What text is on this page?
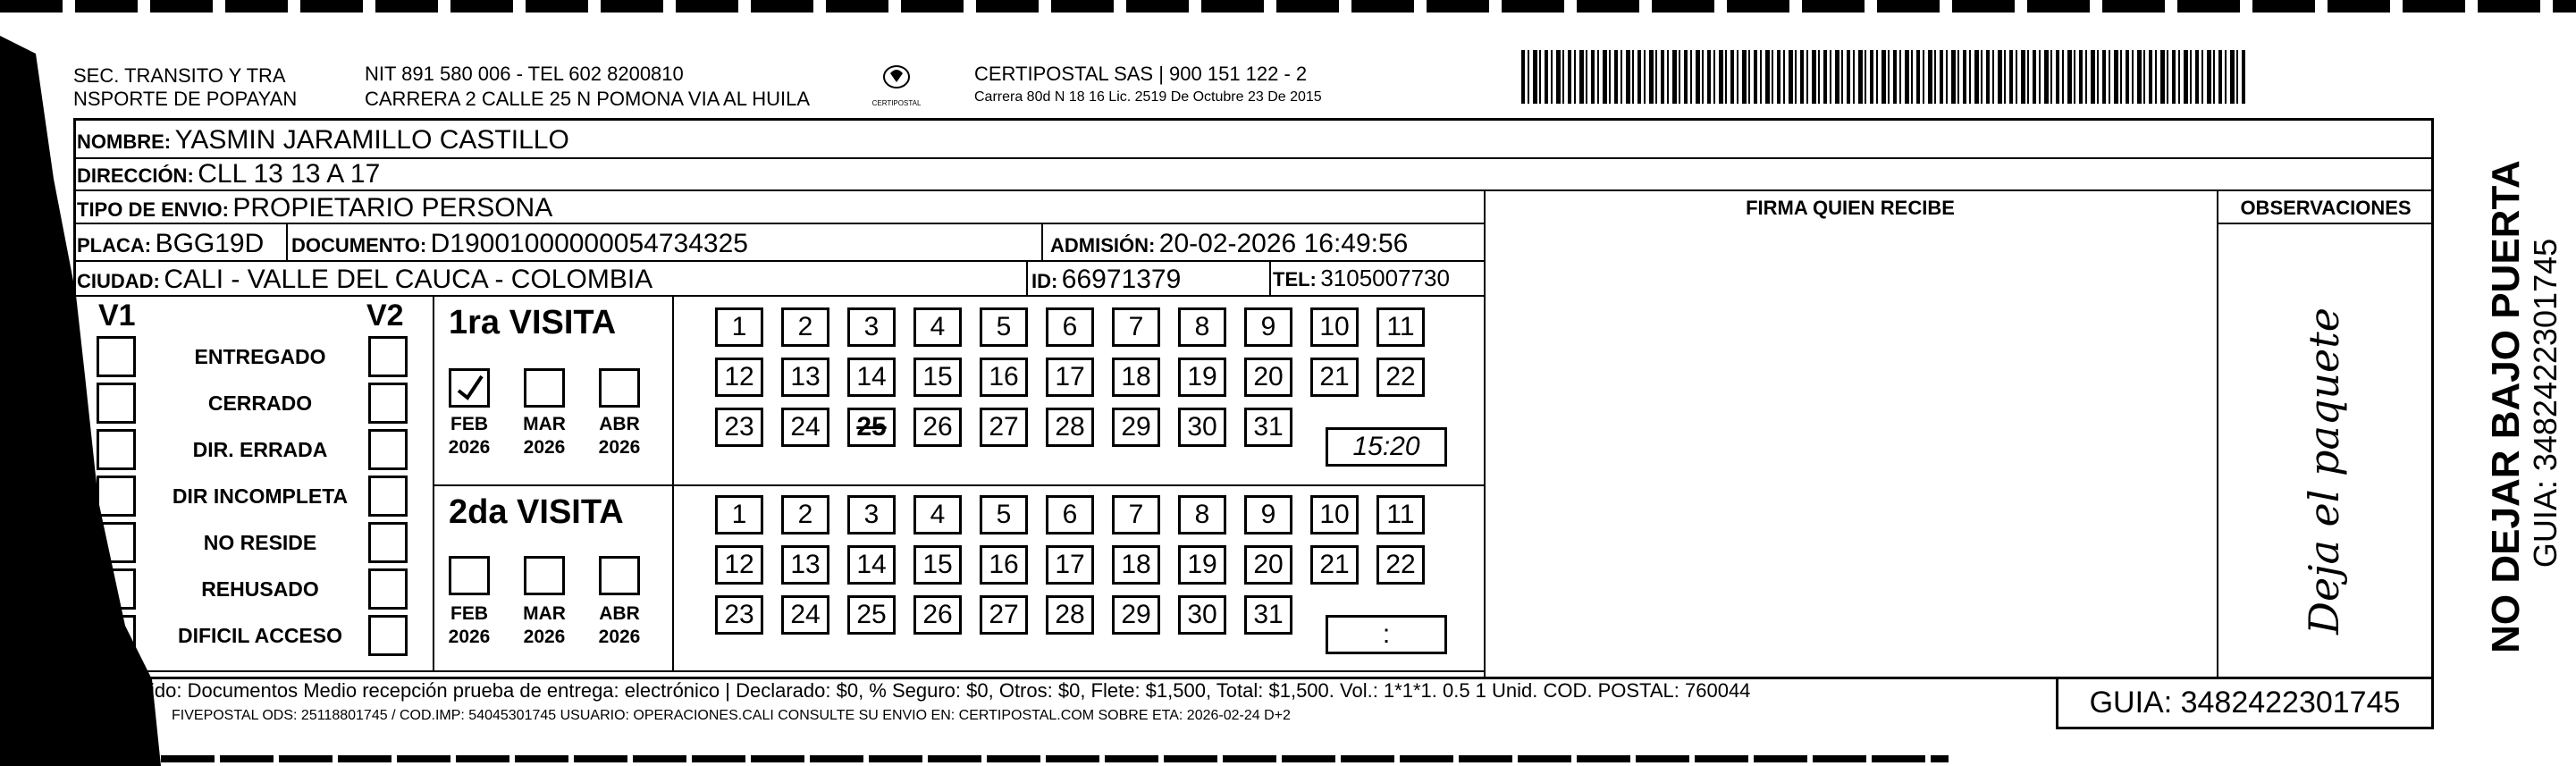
SEC. TRANSITO Y TRA
NSPORTE DE POPAYAN
NIT 891 580 006 - TEL 602 8200810
CARRERA 2 CALLE 25 N POMONA VIA AL HUILA	CERTIPOSTAL
CERTIPOSTAL SAS | 900 151 122 - 2
Carrera 80d N 18 16 Lic. 2519 De Octubre 23 De 2015
NOMBRE: YASMIN JARAMILLO CASTILLO
DIRECCIÓN: CLL 13 13 A 17
TIPO DE ENVIO: PROPIETARIO PERSONA	FIRMA QUIEN RECIBE	OBSERVACIONES
PLACA: BGG19D DOCUMENTO: D19001000000054734325	ADMISIÓN: 20-02-2026 16:49:56
CIUDAD: CALI - VALLE DEL CAUCA - COLOMBIA	ID: 66971379	TEL: 3105007730
V1	V2
ENTREGADO
CERRADO
DIR. ERRADA
DIR INCOMPLETA
NO RESIDE
REHUSADO
DIFICIL ACCESO
1ra VISITA
FEB
2026
MAR
2026
ABR
2026
1	2	3	4	5	6	7	8	9	10	11
12	13	14	15	16	17	18	19	20	21	22
23	24	25	26	27	28	29	30	31
15:20
2da VISITA
FEB
2026
MAR
2026
ABR
2026
1	2	3	4	5	6	7	8	9	10	11
12	13	14	15	16	17	18	19	20	21	22
23	24	25	26	27	28	29	30	31
:	Deja el paquete
ido: Documentos Medio recepción prueba de entrega: electrónico | Declarado: $0, % Seguro: $0, Otros: $0, Flete: $1,500, Total: $1,500. Vol.: 1*1*1. 0.5 1 Unid. COD. POSTAL: 760044
FIVEPOSTAL ODS: 25118801745 / COD.IMP: 54045301745 USUARIO: OPERACIONES.CALI CONSULTE SU ENVIO EN: CERTIPOSTAL.COM SOBRE ETA: 2026-02-24 D+2	GUIA: 3482422301745
NO DEJAR BAJO PUERTA GUIA: 3482422301745
